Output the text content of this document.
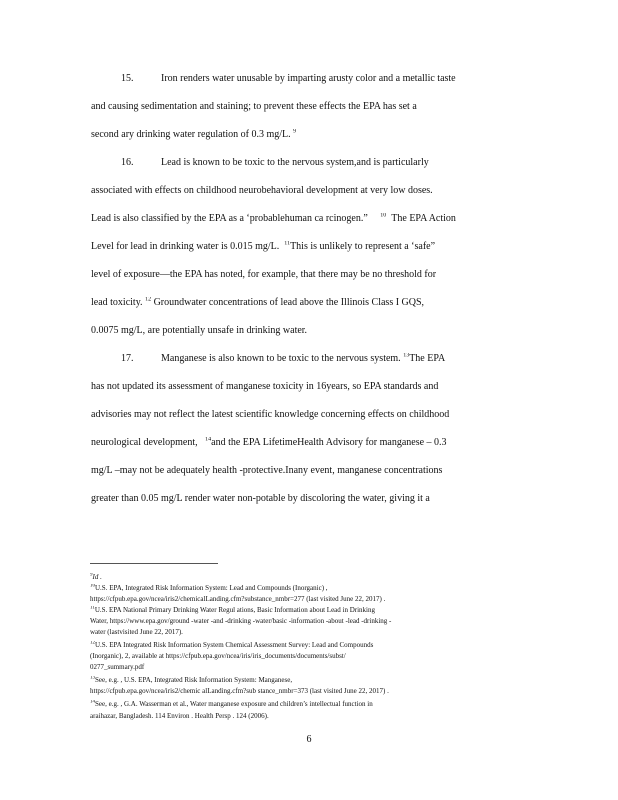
15.	Iron renders water unusable by imparting arusty color and a metallic taste
and causing sedimentation and staining; to prevent these effects the EPA has set a
second ary drinking water regulation of 0.3 mg/L. $^9$
16.	Lead is known to be toxic to the nervous system,and is particularly
associated with effects on childhood neurobehavioral development at very low doses.
Lead is also classified by the EPA as a ‘probablehuman ca rcinogen.” $^{10}$ The EPA Action
Level for lead in drinking water is 0.015 mg/L. $^{11}$This is unlikely to represent a ‘safe”
level of exposure—the EPA has noted, for example, that there may be no threshold for
lead toxicity. $^{12}$ Groundwater concentrations of lead above the Illinois Class I GQS,
0.0075 mg/L, are potentially unsafe in drinking water.
17.	Manganese is also known to be toxic to the nervous system. $^{13}$The EPA
has not updated its assessment of manganese toxicity in 16years, so EPA standards and
advisories may not reflect the latest scientific knowledge concerning effects on childhood
neurological development, $^{14}$and the EPA LifetimeHealth Advisory for manganese – 0.3
mg/L –may not be adequately health -protective.Inany event, manganese concentrations
greater than 0.05 mg/L render water non-potable by discoloring the water, giving it a
$^9$Id .
$^{10}$U.S. EPA, Integrated Risk Information System: Lead and Compounds (Inorganic) ,
https://cfpub.epa.gov/ncea/iris2/chemicalLanding.cfm?substance_nmbr=277 (last visited June 22, 2017) .
$^{11}$U.S. EPA National Primary Drinking Water Regul ations, Basic Information about Lead in Drinking
Water, https://www.epa.gov/ground -water -and -drinking -water/basic -information -about -lead -drinking -
water (lastvisited June 22, 2017).
$^{12}$U.S. EPA Integrated Risk Information System Chemical Assessment Survey: Lead and Compounds
(Inorganic), 2, available at https://cfpub.epa.gov/ncea/iris/iris_documents/documents/subst/
0277_summary.pdf
$^{13}$See, e.g. , U.S. EPA, Integrated Risk Information System: Manganese,
https://cfpub.epa.gov/ncea/iris2/chemic alLanding.cfm?sub stance_nmbr=373 (last visited June 22, 2017) .
$^{14}$See, e.g. , G.A. Wasserman et al., Water manganese exposure and children’s intellectual function in
araihazar, Bangladesh. 114 Environ . Health Persp . 124 (2006).
6
